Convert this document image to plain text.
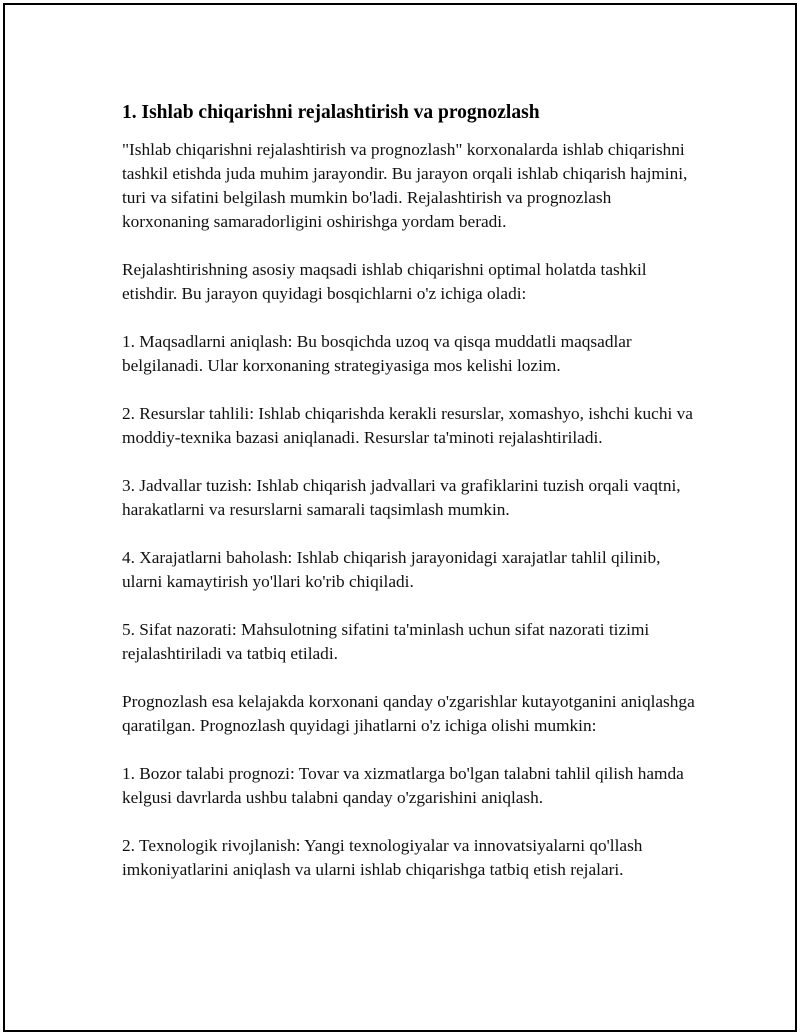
1. Ishlab chiqarishni rejalashtirish va prognozlash

"Ishlab chiqarishni rejalashtirish va prognozlash" korxonalarda ishlab chiqarishni tashkil etishda juda muhim jarayondir. Bu jarayon orqali ishlab chiqarish hajmini, turi va sifatini belgilash mumkin bo'ladi. Rejalashtirish va prognozlash korxonaning samaradorligini oshirishga yordam beradi.

Rejalashtirishning asosiy maqsadi ishlab chiqarishni optimal holatda tashkil etishdir. Bu jarayon quyidagi bosqichlarni o'z ichiga oladi:

1. Maqsadlarni aniqlash: Bu bosqichda uzoq va qisqa muddatli maqsadlar belgilanadi. Ular korxonaning strategiyasiga mos kelishi lozim.

2. Resurslar tahlili: Ishlab chiqarishda kerakli resurslar, xomashyo, ishchi kuchi va moddiy-texnika bazasi aniqlanadi. Resurslar ta'minoti rejalashtiriladi.

3. Jadvallar tuzish: Ishlab chiqarish jadvallari va grafiklarini tuzish orqali vaqtni, harakatlarni va resurslarni samarali taqsimlash mumkin.

4. Xarajatlarni baholash: Ishlab chiqarish jarayonidagi xarajatlar tahlil qilinib, ularni kamaytirish yo'llari ko'rib chiqiladi.

5. Sifat nazorati: Mahsulotning sifatini ta'minlash uchun sifat nazorati tizimi rejalashtiriladi va tatbiq etiladi.

Prognozlash esa kelajakda korxonani qanday o'zgarishlar kutayotganini aniqlashga qaratilgan. Prognozlash quyidagi jihatlarni o'z ichiga olishi mumkin:

1. Bozor talabi prognozi: Tovar va xizmatlarga bo'lgan talabni tahlil qilish hamda kelgusi davrlarda ushbu talabni qanday o'zgarishini aniqlash.

2. Texnologik rivojlanish: Yangi texnologiyalar va innovatsiyalarni qo'llash imkoniyatlarini aniqlash va ularni ishlab chiqarishga tatbiq etish rejalari.
